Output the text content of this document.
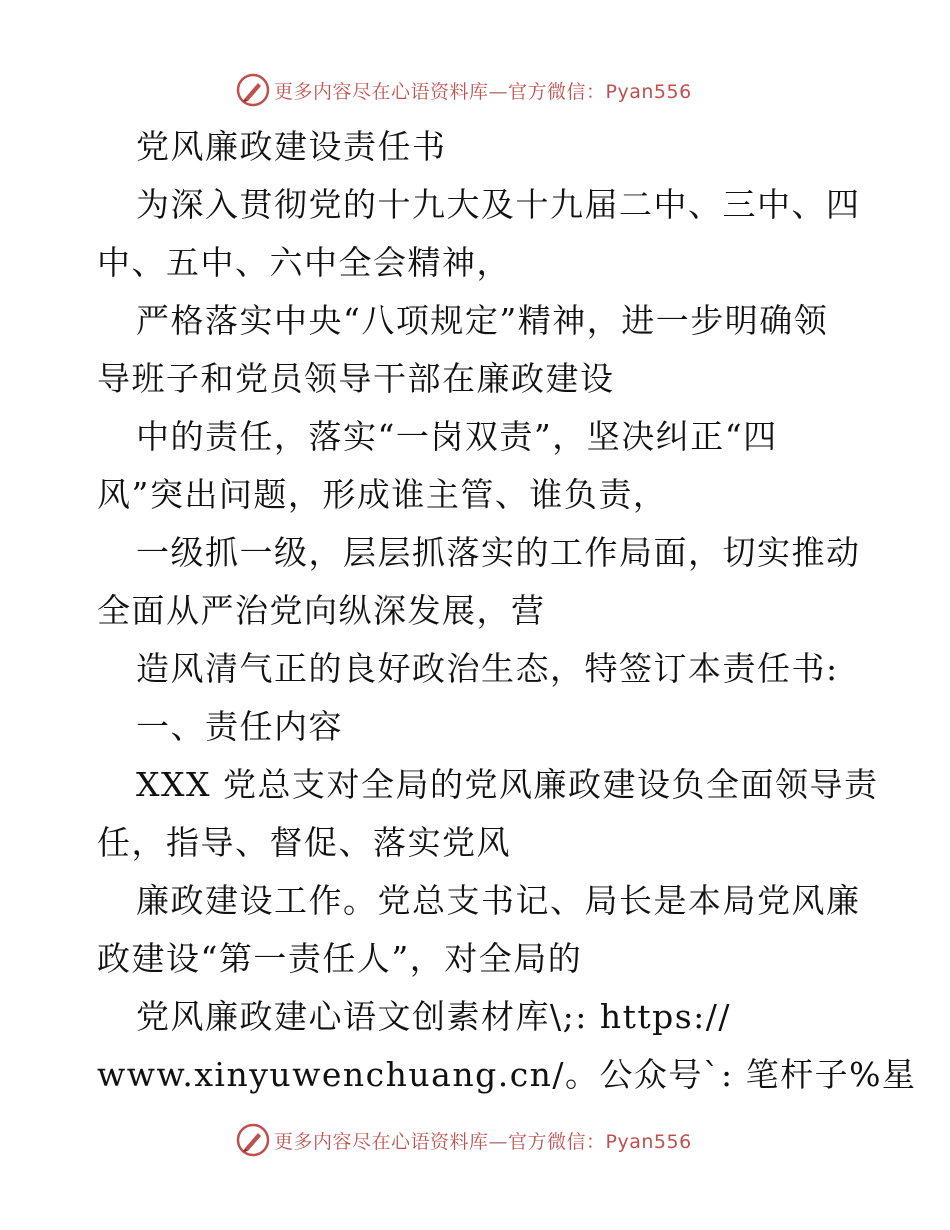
更多内容尽在心语资料库—官方微信：Pyan556
党风廉政建设责任书
为深入贯彻党的十九大及十九届二中、三中、四
中、五中、六中全会精神，
严格落实中央“八项规定”精神，进一步明确领
导班子和党员领导干部在廉政建设
中的责任，落实“一岗双责”，坚决纠正“四
风”突出问题，形成谁主管、谁负责，
一级抓一级，层层抓落实的工作局面，切实推动
全面从严治党向纵深发展，营
造风清气正的良好政治生态，特签订本责任书:
一、责任内容
XXX 党总支对全局的党风廉政建设负全面领导责
任，指导、督促、落实党风
廉政建设工作。党总支书记、局长是本局党风廉
政建设“第一责任人”，对全局的
党风廉政建心语文创素材库\;: https://
www.xinyuwenchuang.cn/。公众号`: 笔杆子%星
更多内容尽在心语资料库—官方微信：Pyan556
